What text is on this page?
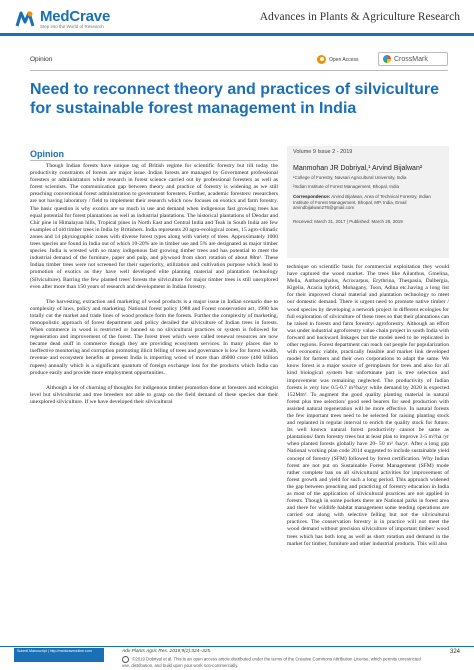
MedCrave
Step into the World of Research
Advances in Plants & Agriculture Research
Opinion	Open Access	CrossMark
Need to reconnect theory and practices of silviculture for sustainable forest management in India
Opinion	Volume 9 Issue 2 - 2019
Manmohan JR Dobriyal,¹ Arvind Bijalwan²
¹College of Forestry, Navsari Agricultural University, India
²Indian Institute of Forest Management, Bhopal, India
Correspondence: Arvind Bijalwan, Area of Technical Forestry, Indian Institute of Forest Management, Bhopal, MP, India, Email arvindbijalwan276@gmail.com
Received: March 31, 2017 | Published: March 28, 2019

Though Indian forests have unique tag of British regime for scientific forestry but till today the productivity constraints of forests are major issue. Indian forests are managed by Government professional foresters or administrators while research in forest science carried out by professional foresters as well as forest scientists. The communication gap between theory and practice of forestry is widening as we still preaching conventional forest administration to government foresters. Further, academic foresters/ researchers are not having laboratory / field to implement their research which now focuses on exotics and farm forestry. The basic question is why exotics are so much in use and demand when indigenous fast growing trees has equal potential for forest plantations as well as industrial plantations. The historical plantations of Deodar and Chir pine in Himalayan hills, Tropical pines in North East and Central India and Teak in South India are few examples of old timber trees in India by Britishers. India represents 20 agro-ecological zones, 15 agro-climatic zones and 14 physiographic zones with diverse forest types along with variety of trees. Approximately 1000 trees species are found in India out of which 10-20% are in timber use and 5% are designated as major timber species. India is wrested with so many indigenous fast growing timber trees and has potential to meet the industrial demand of the furniture, paper and pulp, and plywood from short rotation of about 88m³. These Indian timber trees were not screened for their superiority, utilization and cultivation purpose which lead to promotion of exotics as they have well developed elite planting material and plantation technology (Silviculture). Barring the few planted trees' forests the silviculture for major timber trees is still unexplored even after more than 150 years of research and development in Indian forestry.

The harvesting, extraction and marketing of wood products is a major issue in Indian scenario due to complexity of laws, policy and marketing. National forest policy 1988 and Forest conservation act, 1980 has totally cut the market and trade lines of wood produce form the forests. Further the complexity of marketing, monopolistic approach of forest department and policy derailed the silviculture of Indian trees in forests. When commerce in wood is restricted or banned so no silvicultural practices or system is followed for regeneration and improvement of the forest. The forest trees which were called renewal resources are now became dead stuff in commerce though they are providing ecosystem services. In many places due to ineffective monitoring and corruption promoting illicit felling of trees and governance is low for forest wealth, revenue and ecosystem benefits at present India is importing wood of more than 46000 crore (460 billion rupees) annually which is a significant quantum of foreign exchange loss for the products which India can produce easily and provide more employment opportunities.

Although a lot of churning of thoughts for indigenous timber promotion done at foresters and ecologist level but silviculturist and tree breeders not able to grasp on the field demand of these species due their unexplored silviculture. If we have developed their silvicultural

technique on scientific basis for commercial exploitation they would have captured the wood market. The trees like Ailanthus, Gmelina, Melia, Anthocephalus, Acrocarpus, Erythrina, Thespasia, Dalbergia, Kigelia, Acacia hybrid, Mohagany, Toon, Adina etc.having a long list for their improved clonal material and plantation technology to meet our domestic demand. There is urgent need to promote native timber / wood species by developing a network project in different ecologies for full exploration of silviculture of these trees so that their plantations can be raised in forests and farm forestry/ agroforestry. Although an effort was under industrial agroforestry value chain project in south India with forward and backward linkages but the model need to be replicated in other regions. Forest department can reach out people for popularization with economic viable, practically feasible and market link developed model for farmers and their own corporations to adapt the same. We know forest is a major source of germplasm for trees and also for all kind biological system but unfortunate part is tree selection and improvement was remaining neglected. The productivity of Indian forests is very low 0.5-0.7 m³/ha/yr while demand by 2020 is expected 152Mm³. To augment the good quality planting material in natural forest plus tree selection/ good seed bearers for seed production with assisted natural regeneration will be more effective. In natural forests the few important trees need to be selected for raising planting stock and replanted in regular interval to enrich the quality stock for future. Its well known natural forest productivity cannot be same as plantations/ farm forestry trees but at least plan to improve 3-5 m³/ha /yr when planted forests globally have 20- 50 m³ /ha/yr. After a long gap National working plan code 2014 suggested to include sustainable yield concept of forestry (SFM) followed by forest certification. Why Indian forest are not put on Sustainable Forest Management (SFM) mode rather complete ban on all silvicultural activities for improvement of forest growth and yield for such a long period. This approach widened the gap between preaching and practicing of forestry education in India as most of the application of silvicultural practices are not applied in forests. Though in some pockets there are National parks in forest area and there for wildlife habitat management some tending operations are carried out along with selective felling but not the silvicultural practices. The conservation forestry is in practice will not meet the wood demand without precision silviculture of important timber/ wood trees which has both long as well as short rotation and demand in the market for timber, furniture and other industrial products. This will also

Submit Manuscript | http://medcraveonline.com	Adv Plants Agric Res. 2019;9(2):324‒325.
©2019 Dobriyal et al. This is an open access article distributed under the terms of the Creative Commons Attribution License, which permits unrestricted use, distribution, and build upon your work non-commercially.
324
